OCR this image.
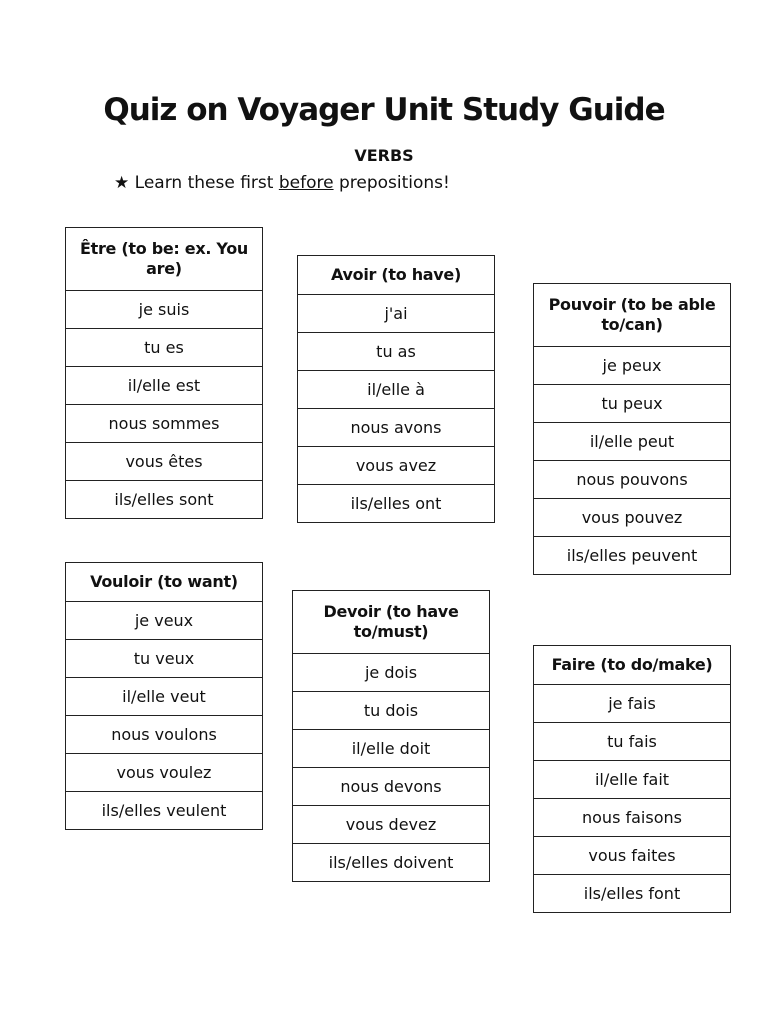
Quiz on Voyager Unit Study Guide
VERBS
★ Learn these first before prepositions!
Être (to be: ex. You are)
je suis
tu es
il/elle est
nous sommes
vous êtes
ils/elles sont
Avoir (to have)
j'ai
tu as
il/elle à
nous avons
vous avez
ils/elles ont
Pouvoir (to be able to/can)
je peux
tu peux
il/elle peut
nous pouvons
vous pouvez
ils/elles peuvent
Vouloir (to want)
je veux
tu veux
il/elle veut
nous voulons
vous voulez
ils/elles veulent
Devoir (to have to/must)
je dois
tu dois
il/elle doit
nous devons
vous devez
ils/elles doivent
Faire (to do/make)
je fais
tu fais
il/elle fait
nous faisons
vous faites
ils/elles font
